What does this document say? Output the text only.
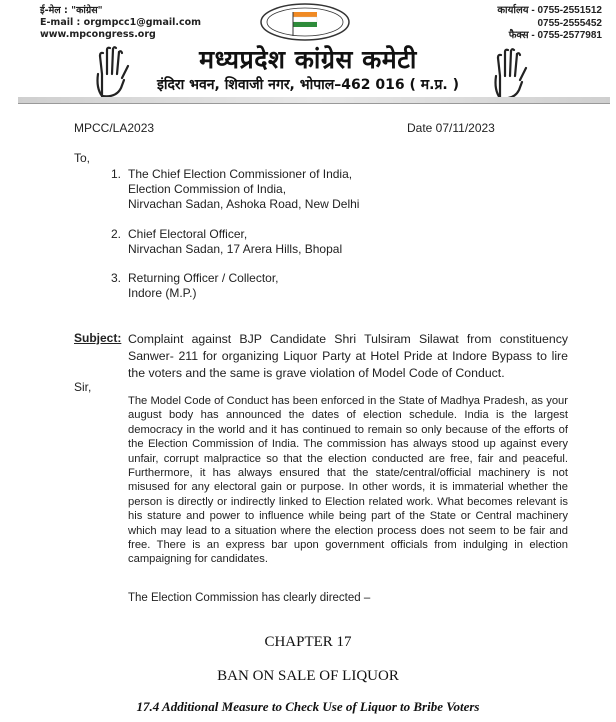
ई-मेल : "कांग्रेस"
E-mail : orgmpcc1@gmail.com
www.mpcongress.org
कार्यालय - 0755-2551512
0755-2555452
फैक्स - 0755-2577981
मध्यप्रदेश कांग्रेस कमेटी
इंदिरा भवन, शिवाजी नगर, भोपाल–462 016 ( म.प्र. )
MPCC/LA2023	Date 07/11/2023
To,
1. The Chief Election Commissioner of India,
Election Commission of India,
Nirvachan Sadan, Ashoka Road, New Delhi
2. Chief Electoral Officer,
Nirvachan Sadan, 17 Arera Hills, Bhopal
3. Returning Officer / Collector,
Indore (M.P.)
Subject: Complaint against BJP Candidate Shri Tulsiram Silawat from constituency Sanwer- 211 for organizing Liquor Party at Hotel Pride at Indore Bypass to lire the voters and the same is grave violation of Model Code of Conduct.
Sir,
The Model Code of Conduct has been enforced in the State of Madhya Pradesh, as your august body has announced the dates of election schedule. India is the largest democracy in the world and it has continued to remain so only because of the efforts of the Election Commission of India. The commission has always stood up against every unfair, corrupt malpractice so that the election conducted are free, fair and peaceful. Furthermore, it has always ensured that the state/central/official machinery is not misused for any electoral gain or purpose. In other words, it is immaterial whether the person is directly or indirectly linked to Election related work. What becomes relevant is his stature and power to influence while being part of the State or Central machinery which may lead to a situation where the election process does not seem to be fair and free. There is an express bar upon government officials from indulging in election campaigning for candidates.
The Election Commission has clearly directed –
CHAPTER 17
BAN ON SALE OF LIQUOR
17.4 Additional Measure to Check Use of Liquor to Bribe Voters
